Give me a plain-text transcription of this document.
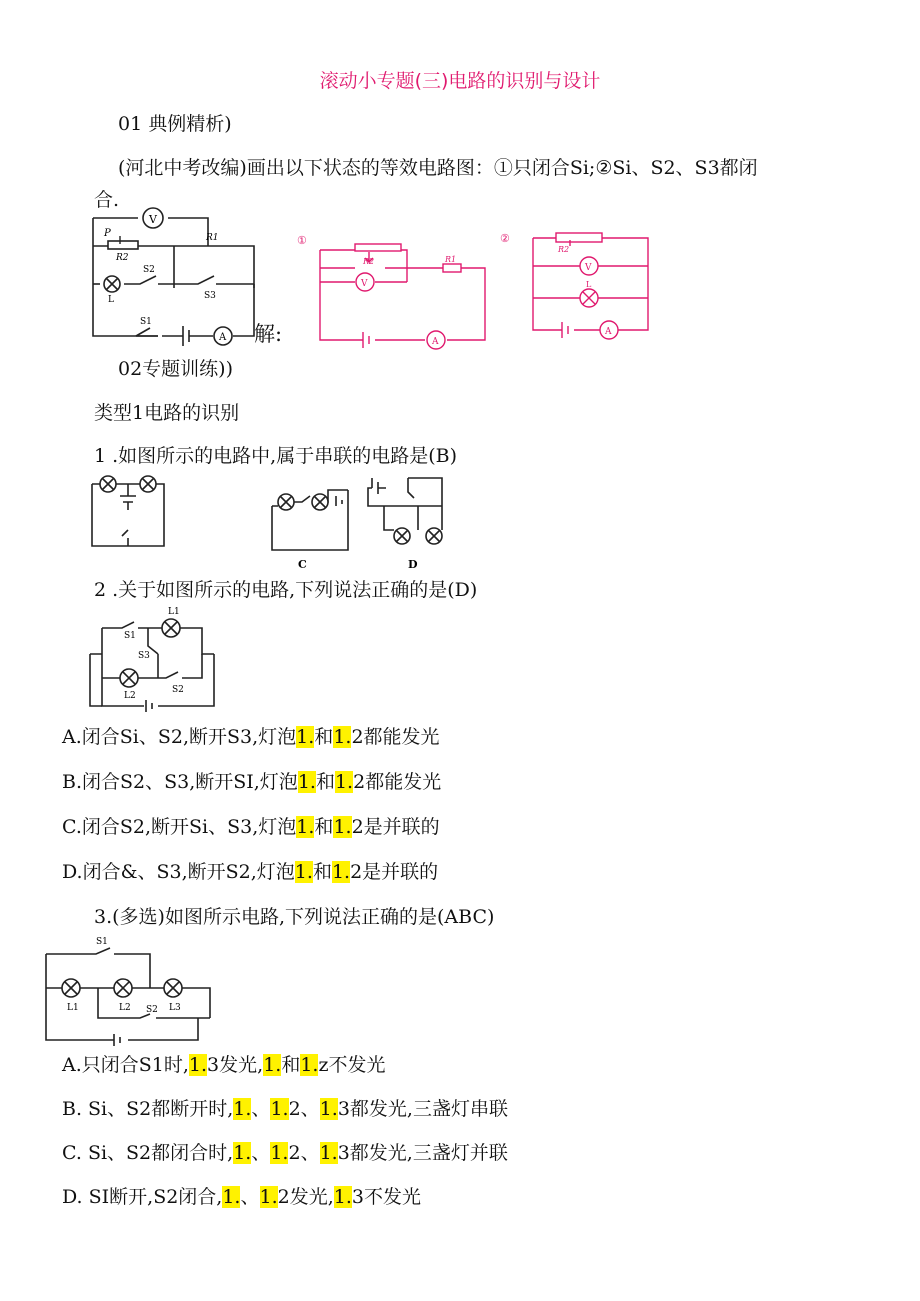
滚动小专题(三)电路的识别与设计
01 典例精析)
(河北中考改编)画出以下状态的等效电路图：①只闭合Si;②Si、S2、S3都闭
合.
V
A
P
R2
R1
S2
L	S3
S1	解:
①
R2	R1
V
A
②
R2
V
L
A
02专题训练))
类型1电路的识别
1 .如图所示的电路中,属于串联的电路是(B)
C	D
2 .关于如图所示的电路,下列说法正确的是(D)
S1
L1
S3
L2
S2
A.闭合Si、S2,断开S3,灯泡1.和1.2都能发光
B.闭合S2、S3,断开SI,灯泡1.和1.2都能发光
C.闭合S2,断开Si、S3,灯泡1.和1.2是并联的
D.闭合&、S3,断开S2,灯泡1.和1.2是并联的
3.(多选)如图所示电路,下列说法正确的是(ABC)
S1
L1	L2 S2 L3
A.只闭合S1时,1.3发光,1.和1.z不发光
B. Si、S2都断开时,1.、1.2、1.3都发光,三盏灯串联
C. Si、S2都闭合时,1.、1.2、1.3都发光,三盏灯并联
D. SI断开,S2闭合,1.、1.2发光,1.3不发光
